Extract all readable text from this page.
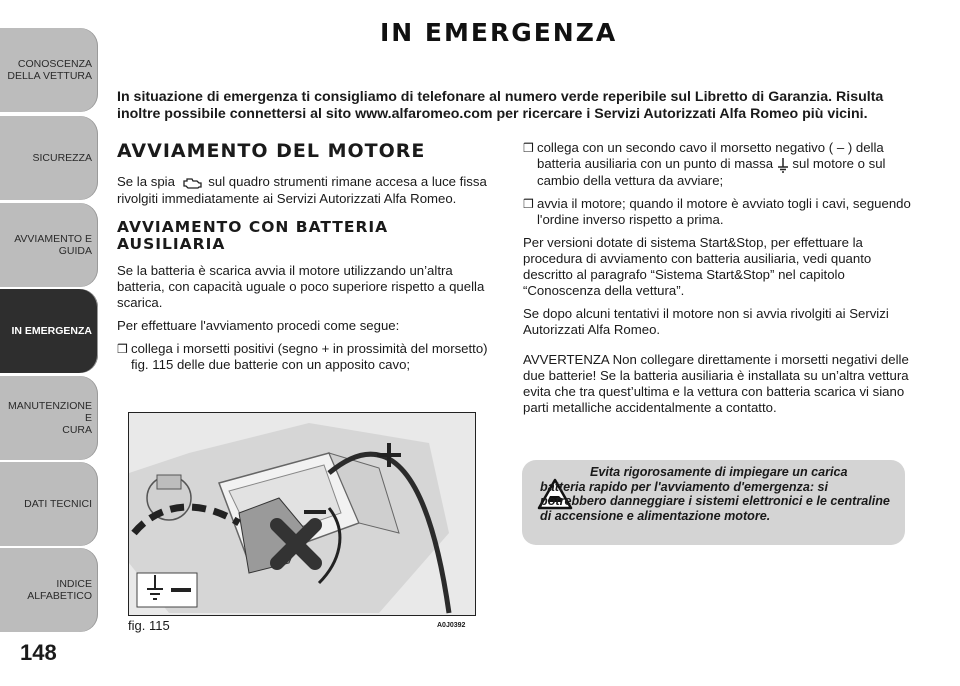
CONOSCENZA
DELLA VETTURA
SICUREZZA
AVVIAMENTO E
GUIDA
IN EMERGENZA
MANUTENZIONE E
CURA
DATI TECNICI
INDICE ALFABETICO
148
IN EMERGENZA
In situazione di emergenza ti consigliamo di telefonare al numero verde reperibile sul Libretto di Garanzia. Risulta inoltre possibile connettersi al sito www.alfaromeo.com per ricercare i Servizi Autorizzati Alfa Romeo più vicini.
AVVIAMENTO DEL MOTORE

Se la spia	sul quadro strumenti rimane accesa a luce fissa rivolgiti immediatamente ai Servizi Autorizzati Alfa Romeo.

AVVIAMENTO CON BATTERIA AUSILIARIA

Se la batteria è scarica avvia il motore utilizzando un’altra batteria, con capacità uguale o poco superiore rispetto a quella scarica.

Per effettuare l'avviamento procedi come segue:

❒ collega i morsetti positivi (segno + in prossimità del morsetto) fig. 115 delle due batterie con un apposito cavo;
❒ collega con un secondo cavo il morsetto negativo ( – ) della batteria ausiliaria con un punto di massa sul motore o sul cambio della vettura da avviare;
❒ avvia il motore; quando il motore è avviato togli i cavi, seguendo l'ordine inverso rispetto a prima.

Per versioni dotate di sistema Start&Stop, per effettuare la procedura di avviamento con batteria ausiliaria, vedi quanto descritto al paragrafo “Sistema Start&Stop” nel capitolo “Conoscenza della vettura”.

Se dopo alcuni tentativi il motore non si avvia rivolgiti ai Servizi Autorizzati Alfa Romeo.

AVVERTENZA Non collegare direttamente i morsetti negativi delle due batterie! Se la batteria ausiliaria è installata su un’altra vettura evita che tra quest’ultima e la vettura con batteria scarica vi siano parti metalliche accidentalmente a contatto.

fig. 115	A0J0392
Evita rigorosamente di impiegare un carica batteria rapido per l'avviamento d'emergenza: si potrebbero danneggiare i sistemi elettronici e le centraline di accensione e alimentazione motore.
